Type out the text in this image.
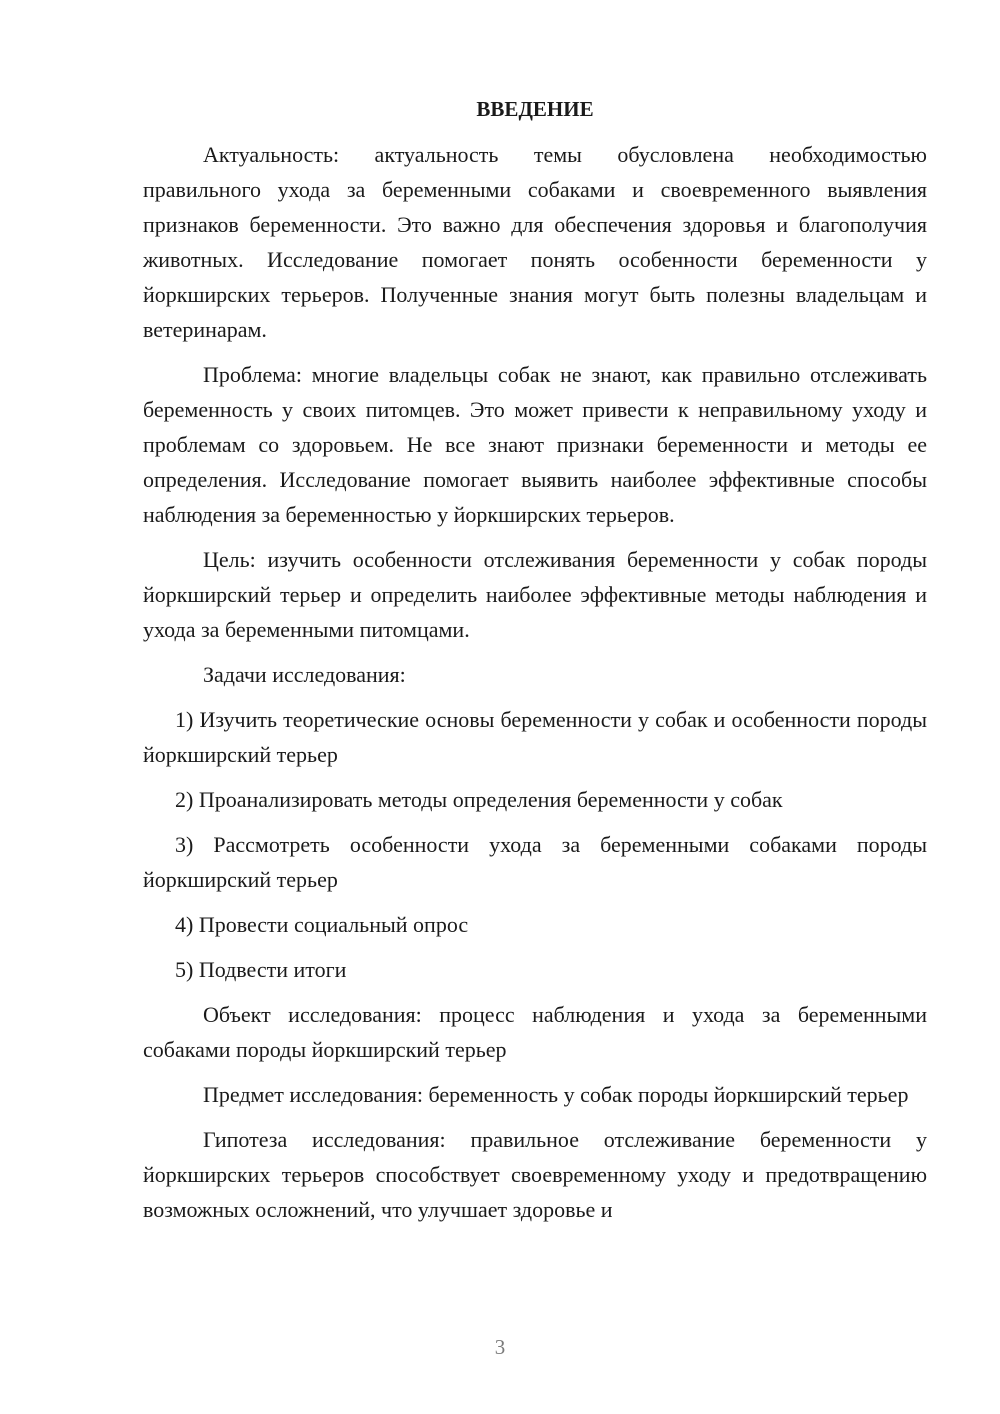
ВВЕДЕНИЕ

Актуальность: актуальность темы обусловлена необходимостью правильного ухода за беременными собаками и своевременного выявления признаков беременности. Это важно для обеспечения здоровья и благополучия животных. Исследование помогает понять особенности беременности у йоркширских терьеров. Полученные знания могут быть полезны владельцам и ветеринарам.

Проблема: многие владельцы собак не знают, как правильно отслеживать беременность у своих питомцев. Это может привести к неправильному уходу и проблемам со здоровьем. Не все знают признаки беременности и методы ее определения. Исследование помогает выявить наиболее эффективные способы наблюдения за беременностью у йоркширских терьеров.

Цель: изучить особенности отслеживания беременности у собак породы йоркширский терьер и определить наиболее эффективные методы наблюдения и ухода за беременными питомцами.

Задачи исследования:

1) Изучить теоретические основы беременности у собак и особенности породы йоркширский терьер

2) Проанализировать методы определения беременности у собак

3) Рассмотреть особенности ухода за беременными собаками породы йоркширский терьер

4) Провести социальный опрос

5) Подвести итоги

Объект исследования: процесс наблюдения и ухода за беременными собаками породы йоркширский терьер

Предмет исследования: беременность у собак породы йоркширский терьер

Гипотеза исследования: правильное отслеживание беременности у йоркширских терьеров способствует своевременному уходу и предотвращению возможных осложнений, что улучшает здоровье и

3
